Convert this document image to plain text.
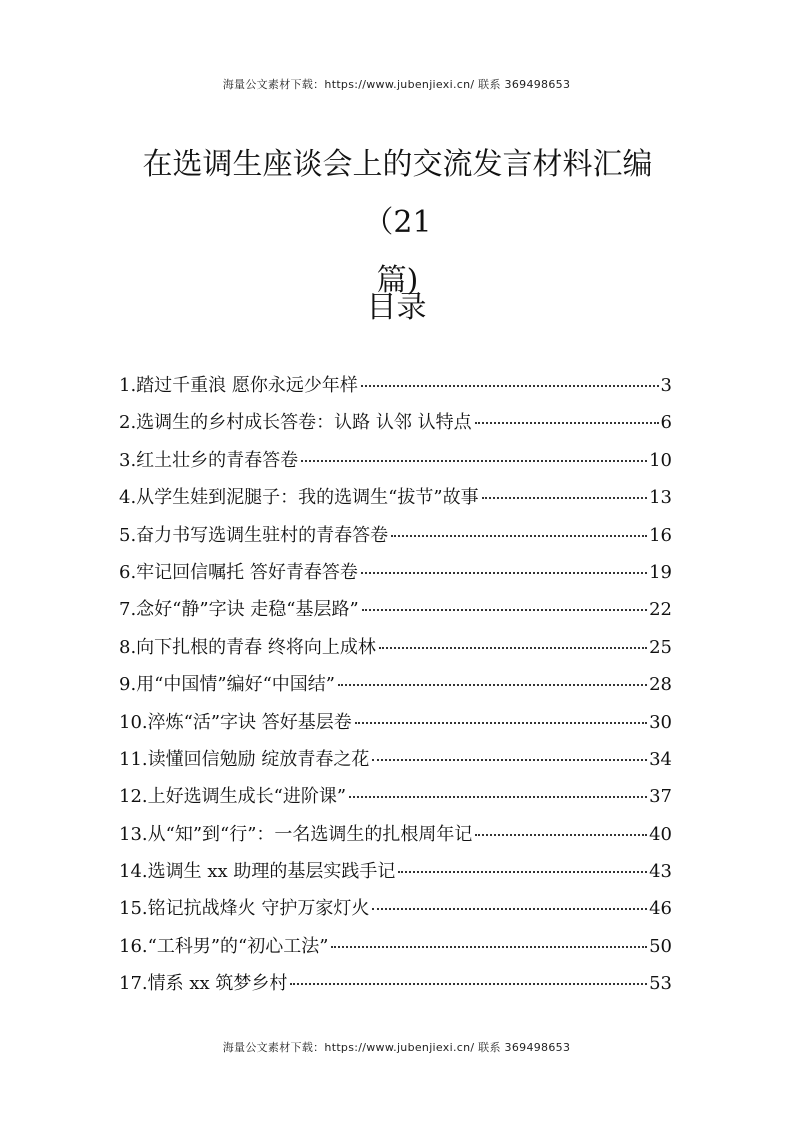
海量公文素材下载：https://www.jubenjiexi.cn/ 联系 369498653
在选调生座谈会上的交流发言材料汇编（21
篇)
目录
1.踏过千重浪 愿你永远少年样	3
2.选调生的乡村成长答卷：认路 认邻 认特点	6
3.红土壮乡的青春答卷	10
4.从学生娃到泥腿子：我的选调生“拔节”故事	13
5.奋力书写选调生驻村的青春答卷	16
6.牢记回信嘱托 答好青春答卷	19
7.念好“静”字诀 走稳“基层路”	22
8.向下扎根的青春 终将向上成林	25
9.用“中国情”编好“中国结”	28
10.淬炼“活”字诀 答好基层卷	30
11.读懂回信勉励 绽放青春之花	34
12.上好选调生成长“进阶课”	37
13.从“知”到“行”：一名选调生的扎根周年记	40
14.选调生 xx 助理的基层实践手记	43
15.铭记抗战烽火 守护万家灯火	46
16.“工科男”的“初心工法”	50
17.情系 xx 筑梦乡村	53
海量公文素材下载：https://www.jubenjiexi.cn/ 联系 369498653
